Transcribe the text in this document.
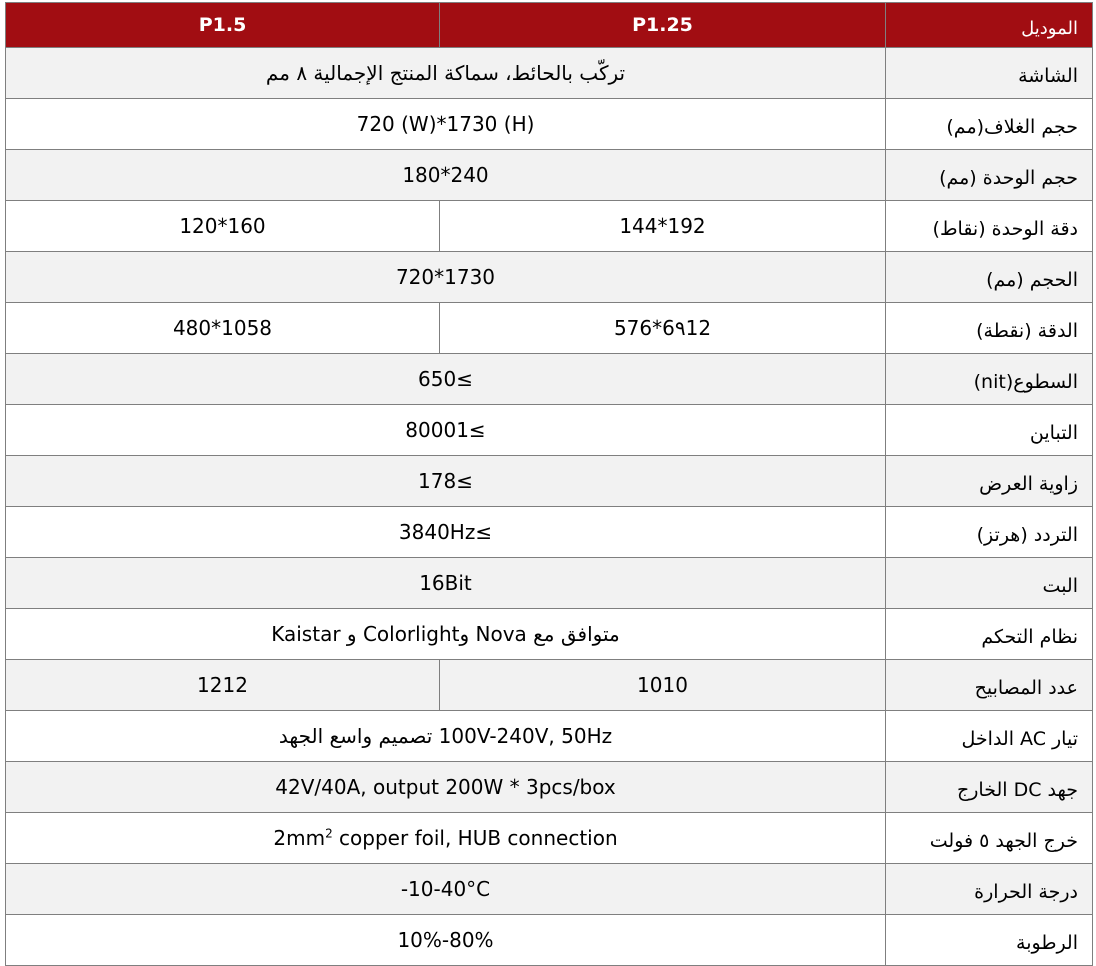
P1.5	P1.25	الموديل
تركّب بالحائط، سماكة المنتج الإجمالية ٨ مم		الشاشة
720 (W)*1730 (H)		حجم الغلاف(مم)
180*240		حجم الوحدة (مم)
120*160	144*192	دقة الوحدة (نقاط)
720*1730		الحجم (مم)
480*1058	576*6٩12	الدقة (نقطة)
650≤		السطوع(nit)
80001≤		التباين
178≤		زاوية العرض
3840Hz≤		التردد (هرتز)
16Bit		البت
متوافق مع Nova وColorlight و Kaistar		نظام التحكم
1212	1010	عدد المصابيح
100V-240V, 50Hz تصميم واسع الجهد		تيار AC الداخل
42V/40A, output 200W * 3pcs/box		جهد DC الخارج
$2mm^2$ copper foil, HUB connection		خرج الجهد ٥ فولت
-10-40°C		درجة الحرارة
10%-80%		الرطوبة
